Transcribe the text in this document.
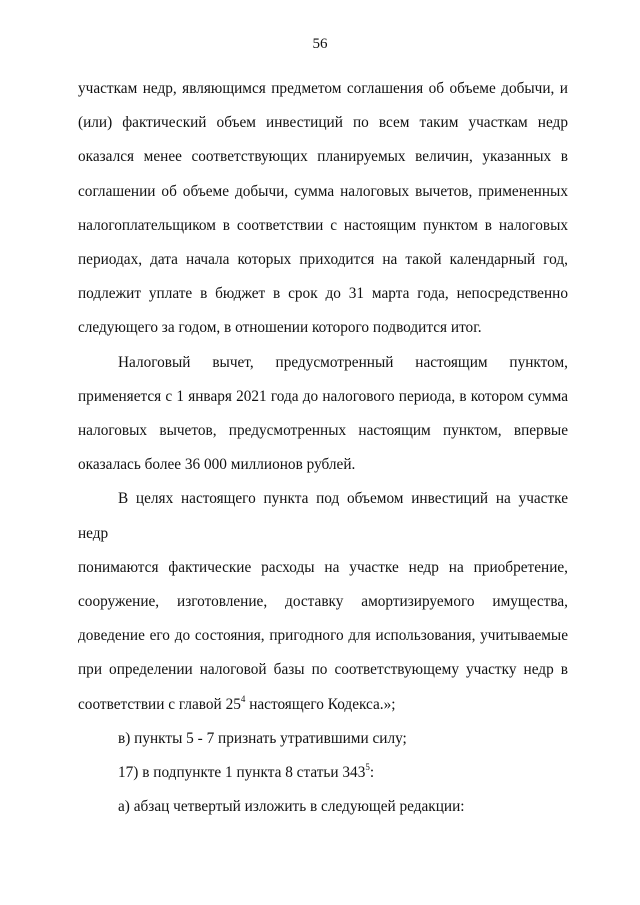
56
участкам недр, являющимся предметом соглашения об объеме добычи, и
(или) фактический объем инвестиций по всем таким участкам недр
оказался менее соответствующих планируемых величин, указанных в
соглашении об объеме добычи, сумма налоговых вычетов, примененных
налогоплательщиком в соответствии с настоящим пунктом в налоговых
периодах, дата начала которых приходится на такой календарный год,
подлежит уплате в бюджет в срок до 31 марта года, непосредственно
следующего за годом, в отношении которого подводится итог.
Налоговый вычет, предусмотренный настоящим пунктом,
применяется с 1 января 2021 года до налогового периода, в котором сумма
налоговых вычетов, предусмотренных настоящим пунктом, впервые
оказалась более 36 000 миллионов рублей.
В целях настоящего пункта под объемом инвестиций на участке недр
понимаются фактические расходы на участке недр на приобретение,
сооружение, изготовление, доставку амортизируемого имущества,
доведение его до состояния, пригодного для использования, учитываемые
при определении налоговой базы по соответствующему участку недр в
соответствии с главой $25^4$ настоящего Кодекса.»;
в) пункты 5 - 7 признать утратившими силу;
17) в подпункте 1 пункта 8 статьи $343^5$:
а) абзац четвертый изложить в следующей редакции:
